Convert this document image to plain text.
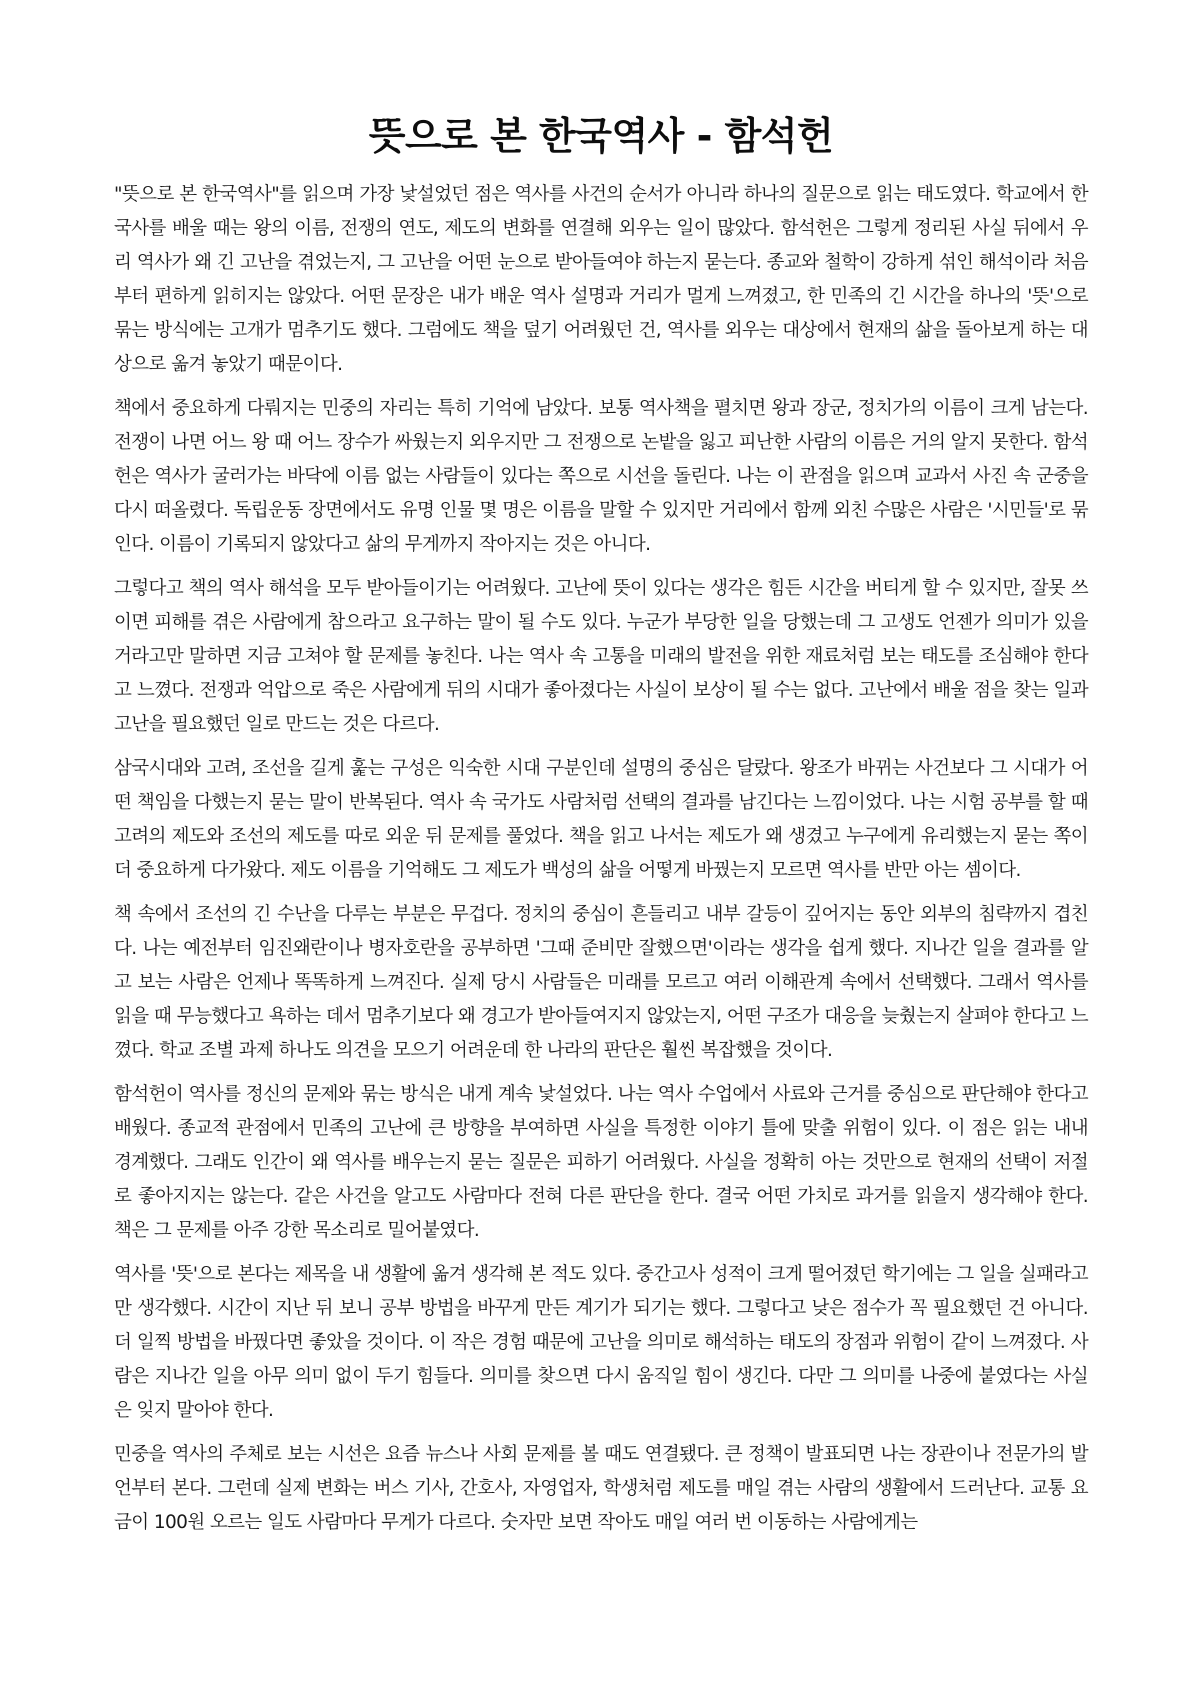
뜻으로 본 한국역사 - 함석헌

"뜻으로 본 한국역사"를 읽으며 가장 낯설었던 점은 역사를 사건의 순서가 아니라 하나의 질문으로 읽는 태도였다. 학교에서 한국사를 배울 때는 왕의 이름, 전쟁의 연도, 제도의 변화를 연결해 외우는 일이 많았다. 함석헌은 그렇게 정리된 사실 뒤에서 우리 역사가 왜 긴 고난을 겪었는지, 그 고난을 어떤 눈으로 받아들여야 하는지 묻는다. 종교와 철학이 강하게 섞인 해석이라 처음부터 편하게 읽히지는 않았다. 어떤 문장은 내가 배운 역사 설명과 거리가 멀게 느껴졌고, 한 민족의 긴 시간을 하나의 '뜻'으로 묶는 방식에는 고개가 멈추기도 했다. 그럼에도 책을 덮기 어려웠던 건, 역사를 외우는 대상에서 현재의 삶을 돌아보게 하는 대상으로 옮겨 놓았기 때문이다.

책에서 중요하게 다뤄지는 민중의 자리는 특히 기억에 남았다. 보통 역사책을 펼치면 왕과 장군, 정치가의 이름이 크게 남는다. 전쟁이 나면 어느 왕 때 어느 장수가 싸웠는지 외우지만 그 전쟁으로 논밭을 잃고 피난한 사람의 이름은 거의 알지 못한다. 함석헌은 역사가 굴러가는 바닥에 이름 없는 사람들이 있다는 쪽으로 시선을 돌린다. 나는 이 관점을 읽으며 교과서 사진 속 군중을 다시 떠올렸다. 독립운동 장면에서도 유명 인물 몇 명은 이름을 말할 수 있지만 거리에서 함께 외친 수많은 사람은 '시민들'로 묶인다. 이름이 기록되지 않았다고 삶의 무게까지 작아지는 것은 아니다.

그렇다고 책의 역사 해석을 모두 받아들이기는 어려웠다. 고난에 뜻이 있다는 생각은 힘든 시간을 버티게 할 수 있지만, 잘못 쓰이면 피해를 겪은 사람에게 참으라고 요구하는 말이 될 수도 있다. 누군가 부당한 일을 당했는데 그 고생도 언젠가 의미가 있을 거라고만 말하면 지금 고쳐야 할 문제를 놓친다. 나는 역사 속 고통을 미래의 발전을 위한 재료처럼 보는 태도를 조심해야 한다고 느꼈다. 전쟁과 억압으로 죽은 사람에게 뒤의 시대가 좋아졌다는 사실이 보상이 될 수는 없다. 고난에서 배울 점을 찾는 일과 고난을 필요했던 일로 만드는 것은 다르다.

삼국시대와 고려, 조선을 길게 훑는 구성은 익숙한 시대 구분인데 설명의 중심은 달랐다. 왕조가 바뀌는 사건보다 그 시대가 어떤 책임을 다했는지 묻는 말이 반복된다. 역사 속 국가도 사람처럼 선택의 결과를 남긴다는 느낌이었다. 나는 시험 공부를 할 때 고려의 제도와 조선의 제도를 따로 외운 뒤 문제를 풀었다. 책을 읽고 나서는 제도가 왜 생겼고 누구에게 유리했는지 묻는 쪽이 더 중요하게 다가왔다. 제도 이름을 기억해도 그 제도가 백성의 삶을 어떻게 바꿨는지 모르면 역사를 반만 아는 셈이다.

책 속에서 조선의 긴 수난을 다루는 부분은 무겁다. 정치의 중심이 흔들리고 내부 갈등이 깊어지는 동안 외부의 침략까지 겹친다. 나는 예전부터 임진왜란이나 병자호란을 공부하면 '그때 준비만 잘했으면'이라는 생각을 쉽게 했다. 지나간 일을 결과를 알고 보는 사람은 언제나 똑똑하게 느껴진다. 실제 당시 사람들은 미래를 모르고 여러 이해관계 속에서 선택했다. 그래서 역사를 읽을 때 무능했다고 욕하는 데서 멈추기보다 왜 경고가 받아들여지지 않았는지, 어떤 구조가 대응을 늦췄는지 살펴야 한다고 느꼈다. 학교 조별 과제 하나도 의견을 모으기 어려운데 한 나라의 판단은 훨씬 복잡했을 것이다.

함석헌이 역사를 정신의 문제와 묶는 방식은 내게 계속 낯설었다. 나는 역사 수업에서 사료와 근거를 중심으로 판단해야 한다고 배웠다. 종교적 관점에서 민족의 고난에 큰 방향을 부여하면 사실을 특정한 이야기 틀에 맞출 위험이 있다. 이 점은 읽는 내내 경계했다. 그래도 인간이 왜 역사를 배우는지 묻는 질문은 피하기 어려웠다. 사실을 정확히 아는 것만으로 현재의 선택이 저절로 좋아지지는 않는다. 같은 사건을 알고도 사람마다 전혀 다른 판단을 한다. 결국 어떤 가치로 과거를 읽을지 생각해야 한다. 책은 그 문제를 아주 강한 목소리로 밀어붙였다.

역사를 '뜻'으로 본다는 제목을 내 생활에 옮겨 생각해 본 적도 있다. 중간고사 성적이 크게 떨어졌던 학기에는 그 일을 실패라고만 생각했다. 시간이 지난 뒤 보니 공부 방법을 바꾸게 만든 계기가 되기는 했다. 그렇다고 낮은 점수가 꼭 필요했던 건 아니다. 더 일찍 방법을 바꿨다면 좋았을 것이다. 이 작은 경험 때문에 고난을 의미로 해석하는 태도의 장점과 위험이 같이 느껴졌다. 사람은 지나간 일을 아무 의미 없이 두기 힘들다. 의미를 찾으면 다시 움직일 힘이 생긴다. 다만 그 의미를 나중에 붙였다는 사실은 잊지 말아야 한다.

민중을 역사의 주체로 보는 시선은 요즘 뉴스나 사회 문제를 볼 때도 연결됐다. 큰 정책이 발표되면 나는 장관이나 전문가의 발언부터 본다. 그런데 실제 변화는 버스 기사, 간호사, 자영업자, 학생처럼 제도를 매일 겪는 사람의 생활에서 드러난다. 교통 요금이 100원 오르는 일도 사람마다 무게가 다르다. 숫자만 보면 작아도 매일 여러 번 이동하는 사람에게는
